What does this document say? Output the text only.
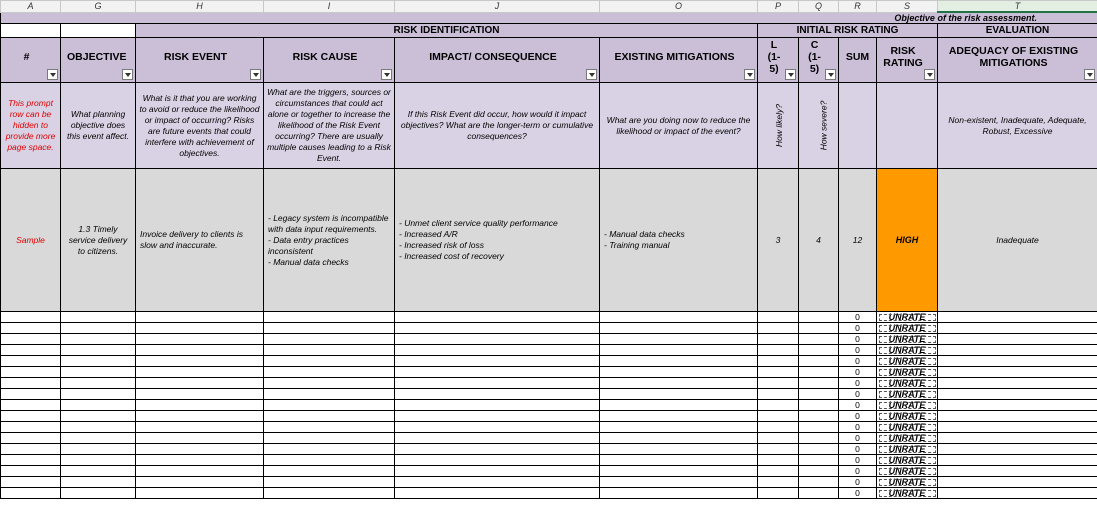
A	G	H	I	J	O	P	Q	R	S	T
Objective of the risk assessment.										
		RISK IDENTIFICATION				INITIAL RISK RATING				EVALUATION

#	OBJECTIVE	RISK EVENT	RISK CAUSE	IMPACT/ CONSEQUENCE	EXISTING MITIGATIONS	L (1-5)	C (1-5)	SUM	RISK RATING	ADEQUACY OF EXISTING MITIGATIONS

This prompt row can be hidden to provide more page space.	What planning objective does this event affect.	What is it that you are working to avoid or reduce the likelihood or impact of occurring? Risks are future events that could interfere with achievement of objectives.	What are the triggers, sources or circumstances that could act alone or together to increase the likelihood of the Risk Event occurring? There are usually multiple causes leading to a Risk Event.	If this Risk Event did occur, how would it impact objectives? What are the longer-term or cumulative consequences?	What are you doing now to reduce the likelihood or impact of the event?	How likely?	How severe?			Non-existent, Inadequate, Adequate, Robust, Excessive

Sample	1.3 Timely service delivery to citizens.	Invoice delivery to clients is slow and inaccurate.	- Legacy system is incompatible with data input requirements.
- Data entry practices inconsistent
- Manual data checks	- Unmet client service quality performance
- Increased A/R
- Increased risk of loss
- Increased cost of recovery	- Manual data checks
- Training manual	3	4	12	HIGH	Inadequate
								0	UNRATE	
								0	UNRATE	
								0	UNRATE	
								0	UNRATE	
								0	UNRATE	
								0	UNRATE	
								0	UNRATE	
								0	UNRATE	
								0	UNRATE	
								0	UNRATE	
								0	UNRATE	
								0	UNRATE	
								0	UNRATE	
								0	UNRATE	
								0	UNRATE	
								0	UNRATE	
								0	UNRATE	
